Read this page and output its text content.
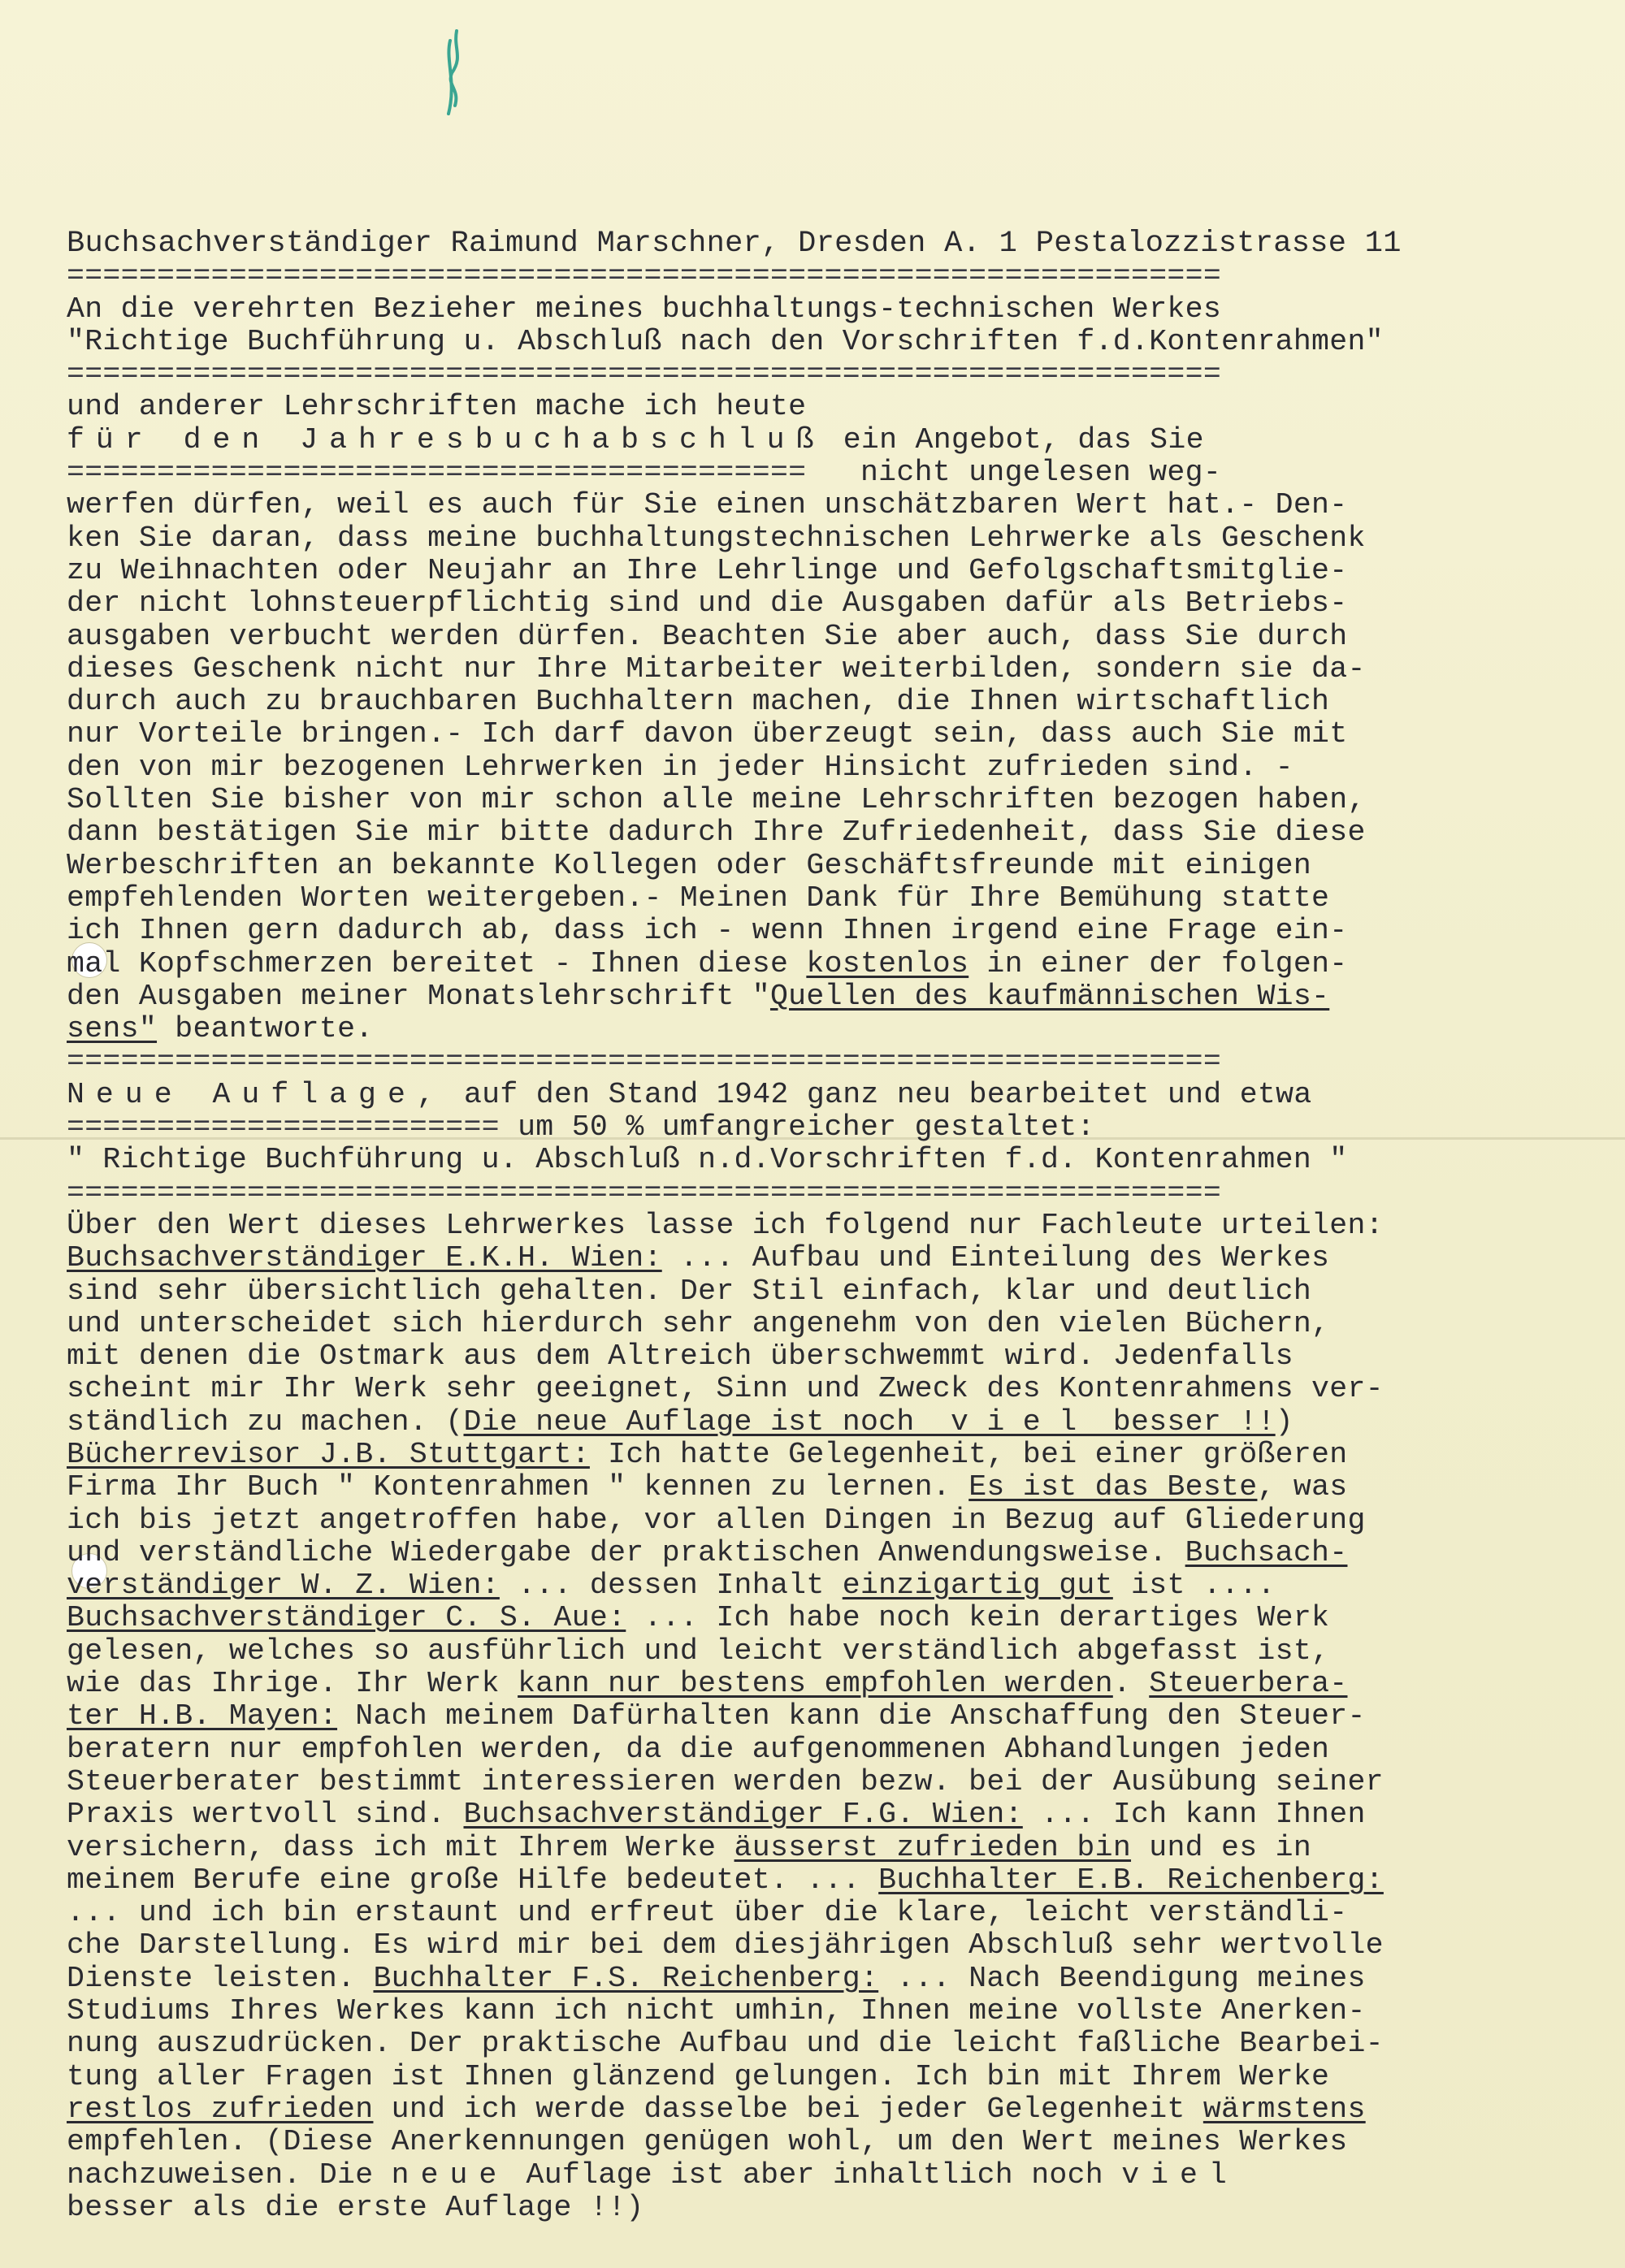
Buchsachverständiger Raimund Marschner, Dresden A. 1 Pestalozzistrasse 11
================================================================
An die verehrten Bezieher meines buchhaltungs-technischen Werkes
"Richtige Buchführung u. Abschluß nach den Vorschriften f.d.Kontenrahmen"
================================================================
und anderer Lehrschriften mache ich heute
für den Jahresbuchabschluß ein Angebot, das Sie
=========================================   nicht ungelesen weg-
werfen dürfen, weil es auch für Sie einen unschätzbaren Wert hat.- Den-
ken Sie daran, dass meine buchhaltungstechnischen Lehrwerke als Geschenk
zu Weihnachten oder Neujahr an Ihre Lehrlinge und Gefolgschaftsmitglie-
der nicht lohnsteuerpflichtig sind und die Ausgaben dafür als Betriebs-
ausgaben verbucht werden dürfen. Beachten Sie aber auch, dass Sie durch
dieses Geschenk nicht nur Ihre Mitarbeiter weiterbilden, sondern sie da-
durch auch zu brauchbaren Buchhaltern machen, die Ihnen wirtschaftlich
nur Vorteile bringen.- Ich darf davon überzeugt sein, dass auch Sie mit
den von mir bezogenen Lehrwerken in jeder Hinsicht zufrieden sind. -
Sollten Sie bisher von mir schon alle meine Lehrschriften bezogen haben,
dann bestätigen Sie mir bitte dadurch Ihre Zufriedenheit, dass Sie diese
Werbeschriften an bekannte Kollegen oder Geschäftsfreunde mit einigen
empfehlenden Worten weitergeben.- Meinen Dank für Ihre Bemühung statte
ich Ihnen gern dadurch ab, dass ich - wenn Ihnen irgend eine Frage ein-
mal Kopfschmerzen bereitet - Ihnen diese kostenlos in einer der folgen-
den Ausgaben meiner Monatslehrschrift "Quellen des kaufmännischen Wis-
sens" beantworte.
================================================================
Neue Auflage, auf den Stand 1942 ganz neu bearbeitet und etwa
======================== um 50 % umfangreicher gestaltet:
" Richtige Buchführung u. Abschluß n.d.Vorschriften f.d. Kontenrahmen "
================================================================
Über den Wert dieses Lehrwerkes lasse ich folgend nur Fachleute urteilen:
Buchsachverständiger E.K.H. Wien: ... Aufbau und Einteilung des Werkes
sind sehr übersichtlich gehalten. Der Stil einfach, klar und deutlich
und unterscheidet sich hierdurch sehr angenehm von den vielen Büchern,
mit denen die Ostmark aus dem Altreich überschwemmt wird. Jedenfalls
scheint mir Ihr Werk sehr geeignet, Sinn und Zweck des Kontenrahmens ver-
ständlich zu machen. (Die neue Auflage ist noch  v i e l  besser !!)
Bücherrevisor J.B. Stuttgart: Ich hatte Gelegenheit, bei einer größeren
Firma Ihr Buch " Kontenrahmen " kennen zu lernen. Es ist das Beste, was
ich bis jetzt angetroffen habe, vor allen Dingen in Bezug auf Gliederung
und verständliche Wiedergabe der praktischen Anwendungsweise. Buchsach-
verständiger W. Z. Wien: ... dessen Inhalt einzigartig gut ist ....
Buchsachverständiger C. S. Aue: ... Ich habe noch kein derartiges Werk
gelesen, welches so ausführlich und leicht verständlich abgefasst ist,
wie das Ihrige. Ihr Werk kann nur bestens empfohlen werden. Steuerbera-
ter H.B. Mayen: Nach meinem Dafürhalten kann die Anschaffung den Steuer-
beratern nur empfohlen werden, da die aufgenommenen Abhandlungen jeden
Steuerberater bestimmt interessieren werden bezw. bei der Ausübung seiner
Praxis wertvoll sind. Buchsachverständiger F.G. Wien: ... Ich kann Ihnen
versichern, dass ich mit Ihrem Werke äusserst zufrieden bin und es in
meinem Berufe eine große Hilfe bedeutet. ... Buchhalter E.B. Reichenberg:
... und ich bin erstaunt und erfreut über die klare, leicht verständli-
che Darstellung. Es wird mir bei dem diesjährigen Abschluß sehr wertvolle
Dienste leisten. Buchhalter F.S. Reichenberg: ... Nach Beendigung meines
Studiums Ihres Werkes kann ich nicht umhin, Ihnen meine vollste Anerken-
nung auszudrücken. Der praktische Aufbau und die leicht faßliche Bearbei-
tung aller Fragen ist Ihnen glänzend gelungen. Ich bin mit Ihrem Werke
restlos zufrieden und ich werde dasselbe bei jeder Gelegenheit wärmstens
empfehlen. (Diese Anerkennungen genügen wohl, um den Wert meines Werkes
nachzuweisen. Die neue Auflage ist aber inhaltlich noch viel
besser als die erste Auflage !!)
